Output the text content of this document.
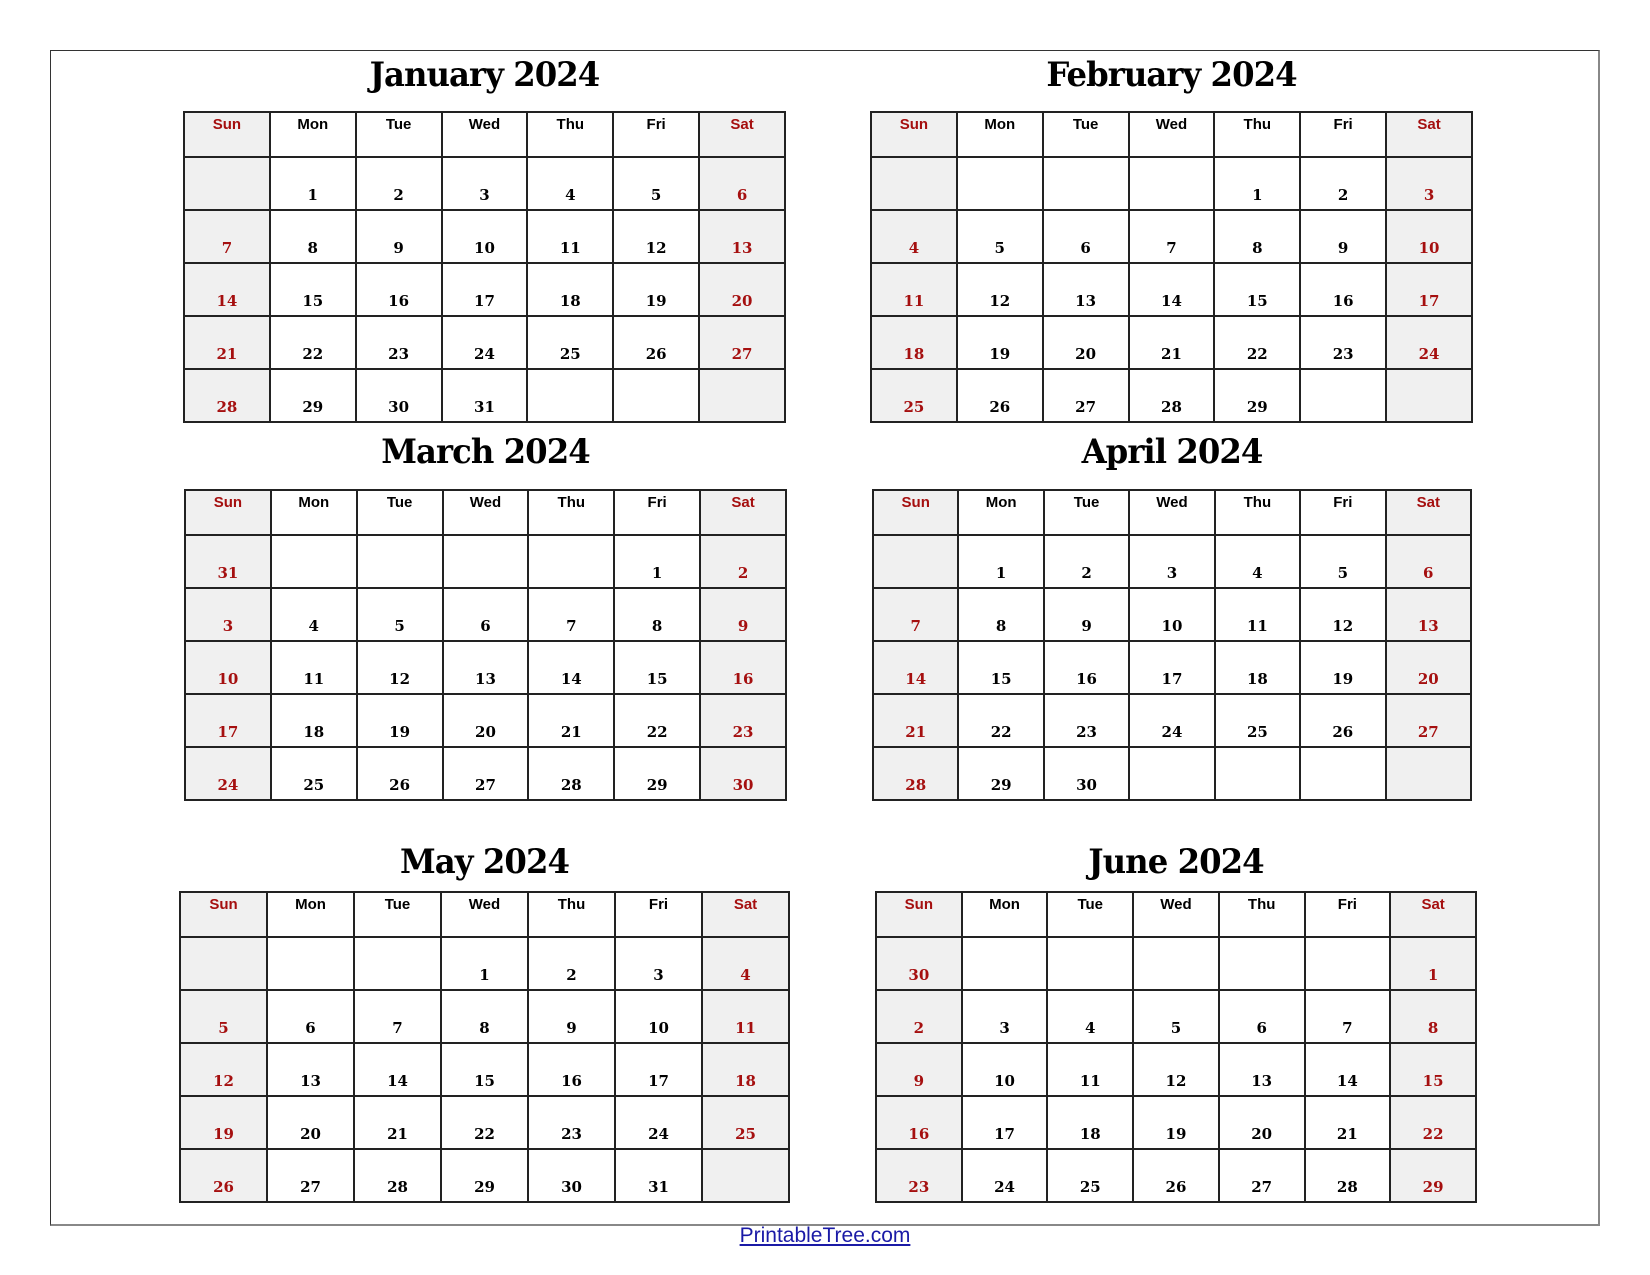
January 2024
Sun	Mon	Tue	Wed	Thu	Fri	Sat
	1	2	3	4	5	6
7	8	9	10	11	12	13
14	15	16	17	18	19	20
21	22	23	24	25	26	27
28	29	30	31			
February 2024
Sun	Mon	Tue	Wed	Thu	Fri	Sat
				1	2	3
4	5	6	7	8	9	10
11	12	13	14	15	16	17
18	19	20	21	22	23	24
25	26	27	28	29		
March 2024
Sun	Mon	Tue	Wed	Thu	Fri	Sat
31					1	2
3	4	5	6	7	8	9
10	11	12	13	14	15	16
17	18	19	20	21	22	23
24	25	26	27	28	29	30
April 2024
Sun	Mon	Tue	Wed	Thu	Fri	Sat
	1	2	3	4	5	6
7	8	9	10	11	12	13
14	15	16	17	18	19	20
21	22	23	24	25	26	27
28	29	30				
May 2024
Sun	Mon	Tue	Wed	Thu	Fri	Sat
			1	2	3	4
5	6	7	8	9	10	11
12	13	14	15	16	17	18
19	20	21	22	23	24	25
26	27	28	29	30	31	
June 2024
Sun	Mon	Tue	Wed	Thu	Fri	Sat
30						1
2	3	4	5	6	7	8
9	10	11	12	13	14	15
16	17	18	19	20	21	22
23	24	25	26	27	28	29
PrintableTree.com
